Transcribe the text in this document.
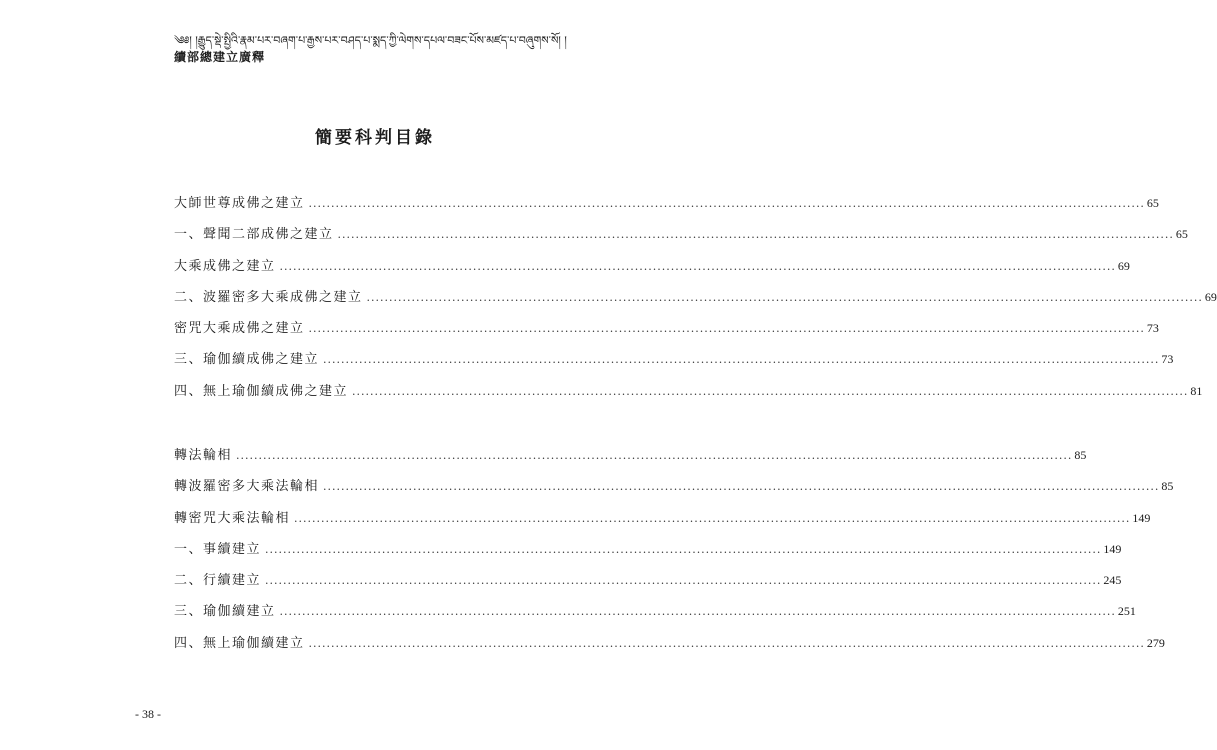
༄༅། །རྒྱུད་སྡེ་སྤྱིའི་རྣམ་པར་བཞག་པ་རྒྱས་པར་བཤད་པ་སྨད་ཀྱི་ལེགས་དཔལ་བཟང་པོས་མཛད་པ་བཞུགས་སོ། །
續部總建立廣釋
簡要科判目錄
大師世尊成佛之建立 .....	65
一、聲聞二部成佛之建立 .....	65
大乘成佛之建立 .....	69
二、波羅密多大乘成佛之建立 .....	69
密咒大乘成佛之建立 .....	73
三、瑜伽續成佛之建立 .....	73
四、無上瑜伽續成佛之建立 .....	81
轉法輪相 .....	85
轉波羅密多大乘法輪相 .....	85
轉密咒大乘法輪相 .....	149
一、事續建立 .....	149
二、行續建立 .....	245
三、瑜伽續建立 .....	251
四、無上瑜伽續建立 .....	279
- 38 -
